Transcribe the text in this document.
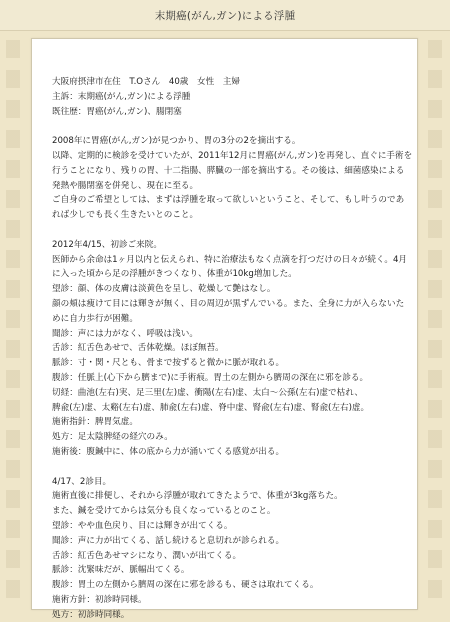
末期癌(がん,ガン)による浮腫
大阪府摂津市在住　T.Oさん　40歳　女性　主婦
主訴：末期癌(がん,ガン)による浮腫
既往歴：胃癌(がん,ガン)、腸閉塞
2008年に胃癌(がん,ガン)が見つかり、胃の3分の2を摘出する。
以降、定期的に検診を受けていたが、2011年12月に胃癌(がん,ガン)を再発し、直ぐに手術を
行うことになり、残りの胃、十二指腸、膵臓の一部を摘出する。その後は、細菌感染による
発熱や腸閉塞を併発し、現在に至る。
ご自身のご希望としては、まずは浮腫を取って欲しいということ、そして、もし叶うのであ
れば少しでも長く生きたいとのこと。
2012年4/15、初診ご来院。
医師から余命は1ヶ月以内と伝えられ、特に治療法もなく点滴を打つだけの日々が続く。4月
に入った頃から足の浮腫がきつくなり、体重が10kg増加した。
望診：顔、体の皮膚は淡黄色を呈し、乾燥して艶はなし。
顔の頬は痩けて目には輝きが無く、目の周辺が黒ずんでいる。また、全身に力が入らないた
めに自力歩行が困難。
聞診：声には力がなく、呼吸は浅い。
舌診：紅舌色あせで、舌体乾燥。ほぼ無苔。
脈診：寸・関・尺とも、骨まで按ずると微かに脈が取れる。
腹診：任脈上(心下から臍まで)に手術痕。胃土の左側から臍周の深在に邪を診る。
切経：曲池(左右)実、足三里(左)虚、衝陽(左右)虚、太白〜公孫(左右)虚で枯れ、
脾兪(左)虚、太谿(左右)虚、肺兪(左右)虚、脊中虚、腎兪(左右)虚、腎兪(左右)虚。
施術指針：脾胃気虚。
処方：足太陰脾経の経穴のみ。
施術後：腹鍼中に、体の底から力が涌いてくる感覚が出る。
4/17、2診目。
施術直後に排便し、それから浮腫が取れてきたようで、体重が3kg落ちた。
また、鍼を受けてからは気分も良くなっているとのこと。
望診：やや血色戻り、目には輝きが出てくる。
聞診：声に力が出てくる、話し続けると息切れが診られる。
舌診：紅舌色あせマシになり、潤いが出てくる。
脈診：沈緊味だが、脈幅出てくる。
腹診：胃土の左側から臍周の深在に邪を診るも、硬さは取れてくる。
施術方針：初診時同様。
処方：初診時同様。
